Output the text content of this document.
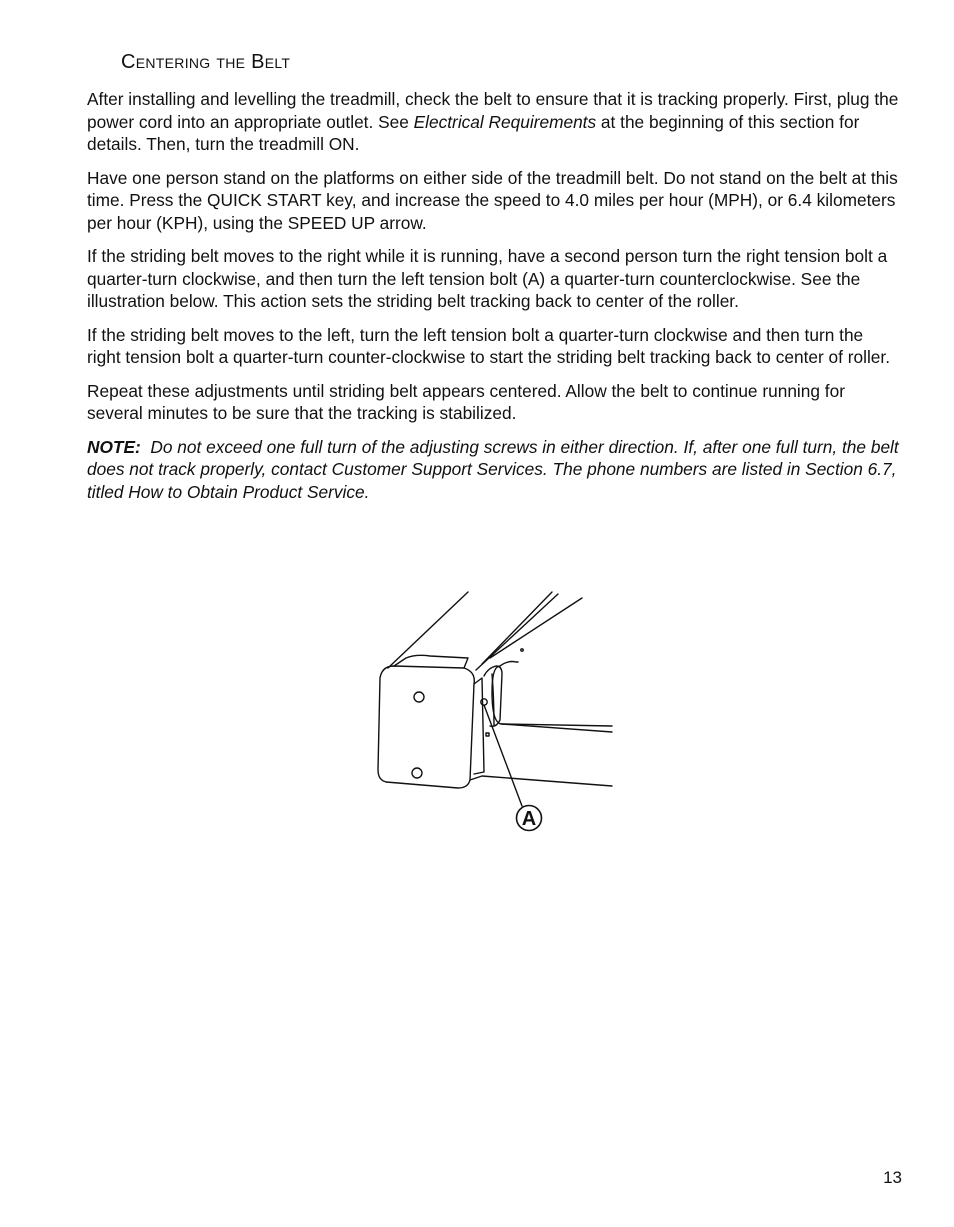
Centering the Belt

After installing and levelling the treadmill, check the belt to ensure that it is tracking properly. First, plug the power cord into an appropriate outlet. See Electrical Requirements at the beginning of this section for details. Then, turn the treadmill ON.

Have one person stand on the platforms on either side of the treadmill belt. Do not stand on the belt at this time. Press the QUICK START key, and increase the speed to 4.0 miles per hour (MPH), or 6.4 kilometers per hour (KPH), using the SPEED UP arrow.

If the striding belt moves to the right while it is running, have a second person turn the right tension bolt a quarter-turn clockwise, and then turn the left tension bolt (A) a quarter-turn counterclockwise. See the illustration below. This action sets the striding belt tracking back to center of the roller.

If the striding belt moves to the left, turn the left tension bolt a quarter-turn clockwise and then turn the right tension bolt a quarter-turn counter-clockwise to start the striding belt tracking back to center of roller.

Repeat these adjustments until striding belt appears centered. Allow the belt to continue running for several minutes to be sure that the tracking is stabilized.

NOTE: Do not exceed one full turn of the adjusting screws in either direction. If, after one full turn, the belt does not track properly, contact Customer Support Services. The phone numbers are listed in Section 6.7, titled How to Obtain Product Service.

A
13
